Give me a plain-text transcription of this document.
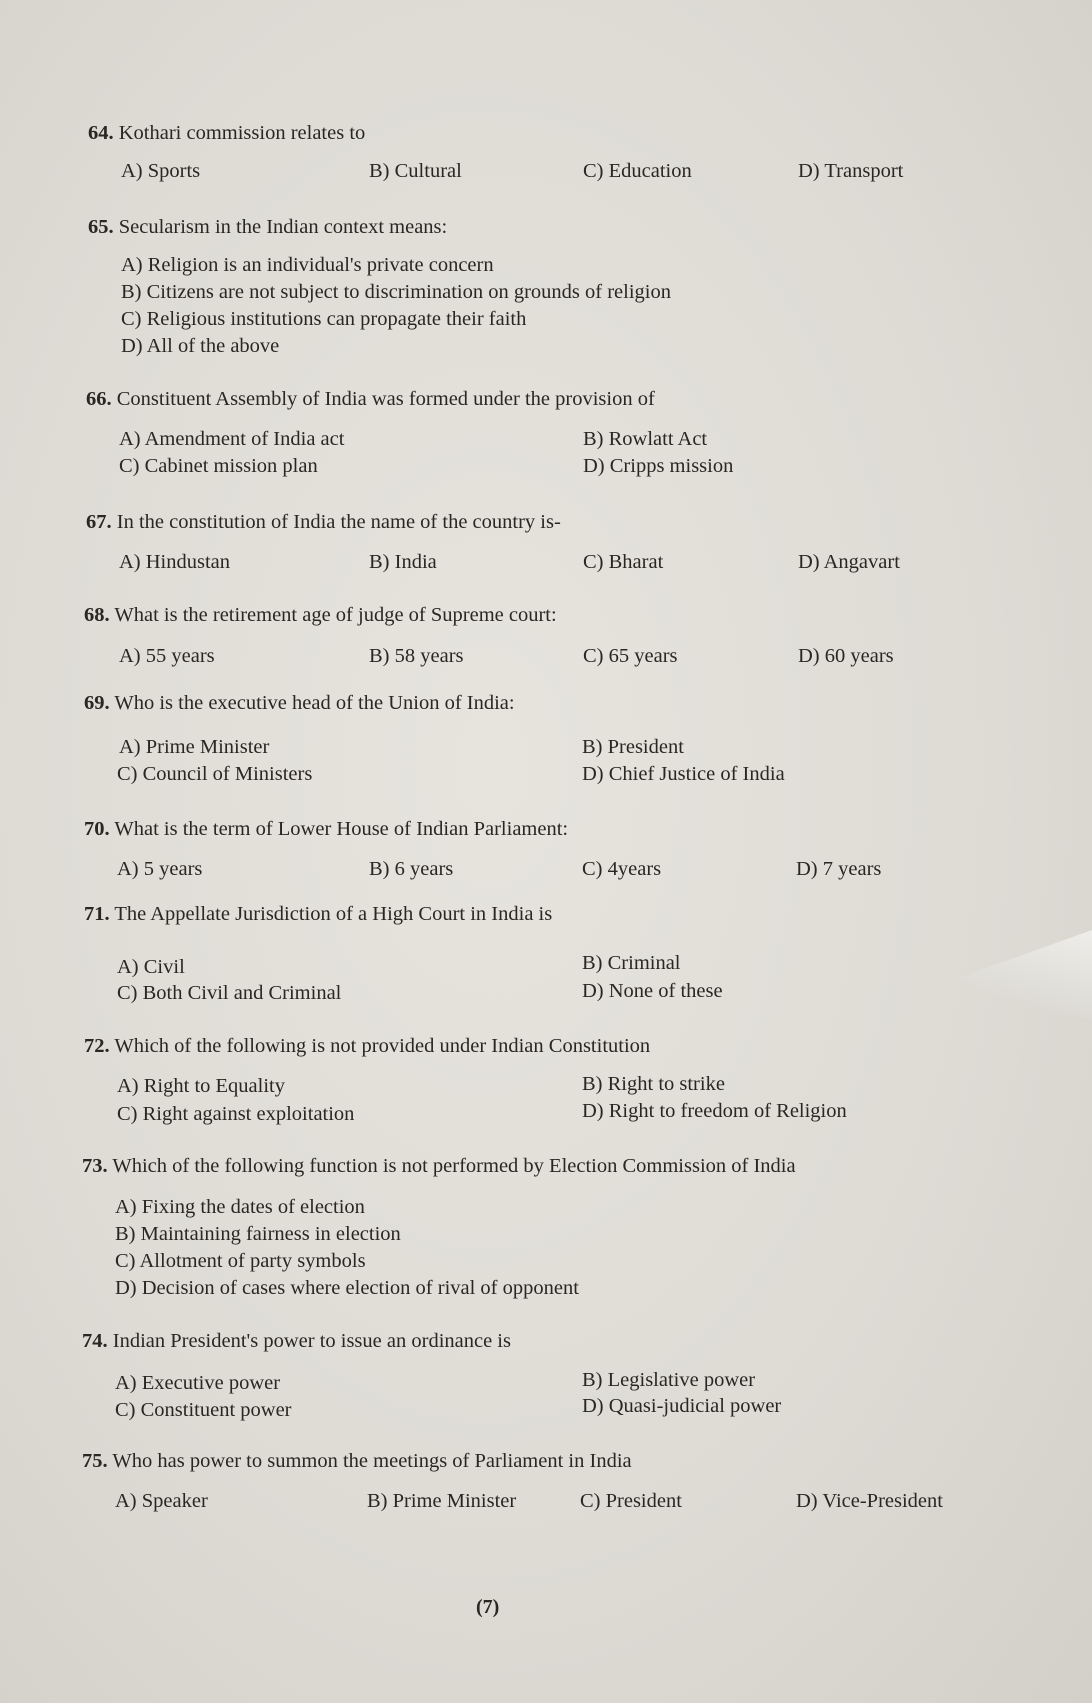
64. Kothari commission relates to
A) Sports	B) Cultural	C) Education	D) Transport
65. Secularism in the Indian context means:
A) Religion is an individual's private concern
B) Citizens are not subject to discrimination on grounds of religion
C) Religious institutions can propagate their faith
D) All of the above
66. Constituent Assembly of India was formed under the provision of
A) Amendment of India act	B) Rowlatt Act
C) Cabinet mission plan	D) Cripps mission
67. In the constitution of India the name of the country is-
A) Hindustan	B) India	C) Bharat	D) Angavart
68. What is the retirement age of judge of Supreme court:
A) 55 years	B) 58 years	C) 65 years	D) 60 years
69. Who is the executive head of the Union of India:
A) Prime Minister	B) President
C) Council of Ministers	D) Chief Justice of India
70. What is the term of Lower House of Indian Parliament:
A) 5 years	B) 6 years	C) 4years	D) 7 years
71. The Appellate Jurisdiction of a High Court in India is
A) Civil	B) Criminal
C) Both Civil and Criminal	D) None of these
72. Which of the following is not provided under Indian Constitution
A) Right to Equality	B) Right to strike
C) Right against exploitation	D) Right to freedom of Religion
73. Which of the following function is not performed by Election Commission of India
A) Fixing the dates of election
B) Maintaining fairness in election
C) Allotment of party symbols
D) Decision of cases where election of rival of opponent
74. Indian President's power to issue an ordinance is
A) Executive power	B) Legislative power
C) Constituent power	D) Quasi-judicial power
75. Who has power to summon the meetings of Parliament in India
A) Speaker	B) Prime Minister	C) President	D) Vice-President
(7)
